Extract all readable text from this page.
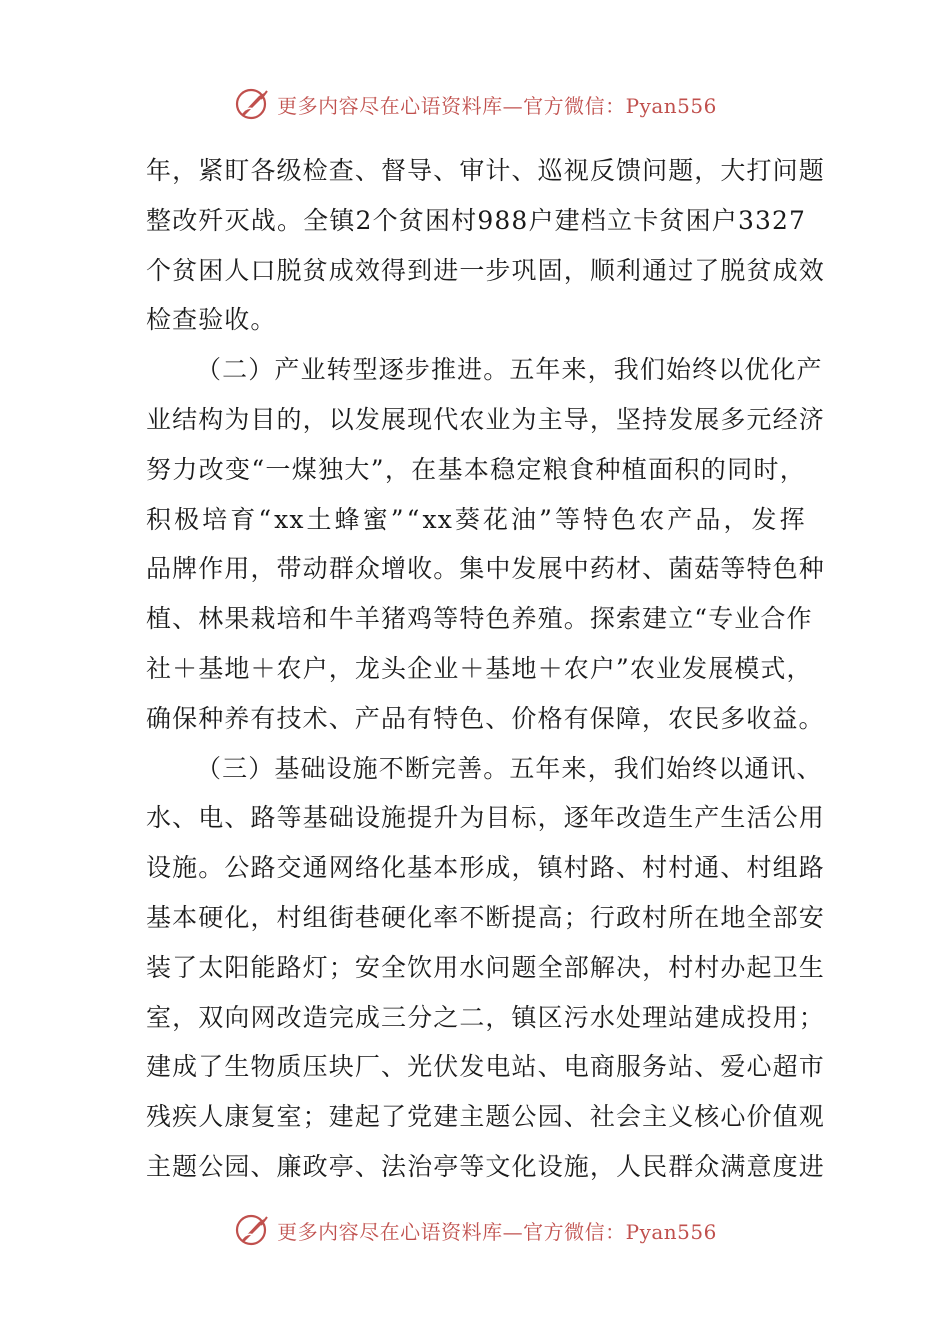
更多内容尽在心语资料库—官方微信：Pyan556
年 ， 紧 盯 各 级 检 查 、 督 导 、 审 计 、 巡 视 反 馈 问 题 ， 大 打 问 题
整 改 歼 灭 战 。 全 镇 2 个 贫 困 村 988 户 建 档 立 卡 贫 困 户 3327
个 贫 困 人 口 脱 贫 成 效 得 到 进 一 步 巩 固 ， 顺 利 通 过 了 脱 贫 成 效
检查验收。
（ 二 ） 产 业 转 型 逐 步 推 进 。 五 年 来 ， 我 们 始 终 以 优 化 产
业 结 构 为 目 的 ， 以 发 展 现 代 农 业 为 主 导 ， 坚 持 发 展 多 元 经 济
努 力 改 变 “ 一 煤 独 大 ” ， 在 基 本 稳 定 粮 食 种 植 面 积 的 同 时 ，
积 极 培 育 “ xx 土 蜂 蜜 ” “ xx 葵 花 油 ” 等 特 色 农 产 品 ， 发 挥
品 牌 作 用 ， 带 动 群 众 增 收 。 集 中 发 展 中 药 材 、 菌 菇 等 特 色 种
植 、 林 果 栽 培 和 牛 羊 猪 鸡 等 特 色 养 殖 。 探 索 建 立 “ 专 业 合 作
社 ＋ 基 地 ＋ 农 户 ， 龙 头 企 业 ＋ 基 地 ＋ 农 户 ” 农 业 发 展 模 式 ，
确保种养有技术、产品有特色、价格有保障，农民多收益。
（ 三 ） 基 础 设 施 不 断 完 善 。 五 年 来 ， 我 们 始 终 以 通 讯 、
水 、 电 、 路 等 基 础 设 施 提 升 为 目 标 ， 逐 年 改 造 生 产 生 活 公 用
设 施 。 公 路 交 通 网 络 化 基 本 形 成 ， 镇 村 路 、 村 村 通 、 村 组 路
基 本 硬 化 ， 村 组 街 巷 硬 化 率 不 断 提 高 ； 行 政 村 所 在 地 全 部 安
装 了 太 阳 能 路 灯 ； 安 全 饮 用 水 问 题 全 部 解 决 ， 村 村 办 起 卫 生
室 ， 双 向 网 改 造 完 成 三 分 之 二 ， 镇 区 污 水 处 理 站 建 成 投 用 ；
建 成 了 生 物 质 压 块 厂 、 光 伏 发 电 站 、 电 商 服 务 站 、 爱 心 超 市
残 疾 人 康 复 室 ； 建 起 了 党 建 主 题 公 园 、 社 会 主 义 核 心 价 值 观
主 题 公 园 、 廉 政 亭 、 法 治 亭 等 文 化 设 施 ， 人 民 群 众 满 意 度 进
更多内容尽在心语资料库—官方微信：Pyan556
